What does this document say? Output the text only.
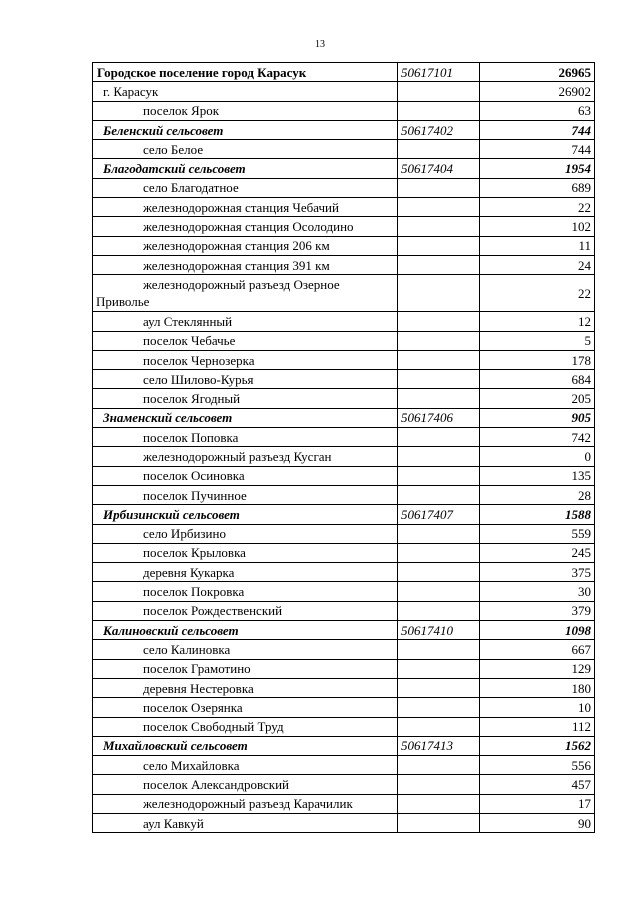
13
Городское поселение город Карасук	50617101	26965
г. Карасук		26902
поселок Ярок		63
Беленский сельсовет	50617402	744
село Белое		744
Благодатский сельсовет	50617404	1954
село Благодатное		689
железнодорожная станция Чебачий		22
железнодорожная станция Осолодино		102
железнодорожная станция 206 км		11
железнодорожная станция 391 км		24
железнодорожный разъезд Озерное Приволье		22
аул Стеклянный		12
поселок Чебачье		5
поселок Чернозерка		178
село Шилово-Курья		684
поселок Ягодный		205
Знаменский сельсовет	50617406	905
поселок Поповка		742
железнодорожный разъезд Кусган		0
поселок Осиновка		135
поселок Пучинное		28
Ирбизинский сельсовет	50617407	1588
село Ирбизино		559
поселок Крыловка		245
деревня Кукарка		375
поселок Покровка		30
поселок Рождественский		379
Калиновский сельсовет	50617410	1098
село Калиновка		667
поселок Грамотино		129
деревня Нестеровка		180
поселок Озерянка		10
поселок Свободный Труд		112
Михайловский сельсовет	50617413	1562
село Михайловка		556
поселок Александровский		457
железнодорожный разъезд Карачилик		17
аул Кавкуй		90
